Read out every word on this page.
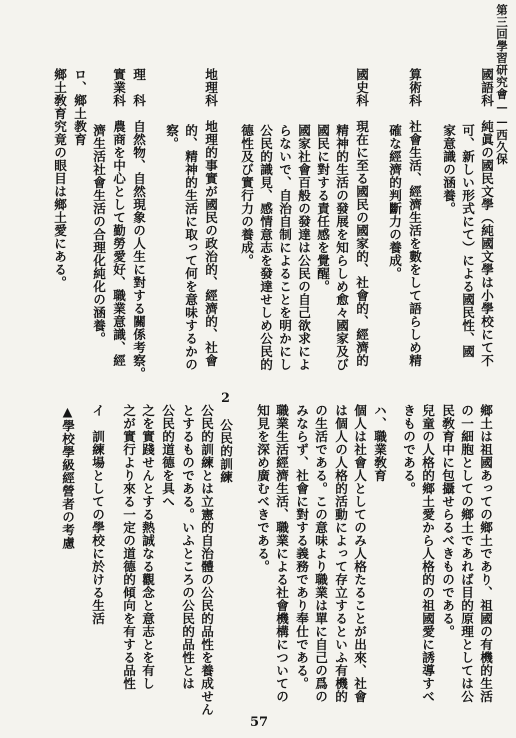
第三回學習研究會——西久保
國語科　純眞の國民文學（純國文學は小學校にて不
可、新しい形式にて）による國民性、國
家意識の涵養。
算術科　社會生活、經濟生活を數をして語らしめ精
確な經濟的判斷力の養成。
國史科　現在に至る國民の國家的、社會的、經濟的
精神的生活の發展を知らしめ愈々國家及び
國民に對する責任感を覺醒。
國家社會百般の發達は公民の自己欲求によ
らないで、自治自制によることを明かにし
公民的識見、感情意志を發達せしめ公民的
德性及び實行力の養成。
地理科　地理的事實が國民の政治的、經濟的、社會
的、精神的生活に取って何を意味するかの
察。
理　科　自然物、自然現象の人生に對する關係考察。
實業科　農商を中心として勤勞愛好、職業意識、經
濟生活社會生活の合理化純化の涵養。
ロ、鄉土教育
鄉土敎育究竟の眼目は鄉土愛にある。
鄉土は祖國あっての鄉土であり、祖國の有機的生活
の一細胞としての鄉土であれば目的原理としては公
民敎育中に包攝せらるべきものである。
兒童の人格的鄉土愛から人格的の祖國愛に誘導すべ
きものである。
ハ、職業敎育
個人は社會人としてのみ人格たることが出來、社會
は個人の人格的活動によって存立するといふ有機的
の生活である。この意味より職業は單に自己の爲の
みならず、社會に對する義務であり奉仕である。
職業生活經濟生活、職業による社會機構についての
知見を深め廣むべきである。
2　公民的訓練
公民的訓練とは立憲的自治體の公民的品性を養成せん
とするものである。いふところの公民的品性とは
公民的道德を具へ
之を實踐せんとする熱誠なる觀念と意志とを有し
之が實行より來る一定の道德的傾向を有する品性
イ　訓練場としての學校に於ける生活
▲學校學級經營者の考慮
57
